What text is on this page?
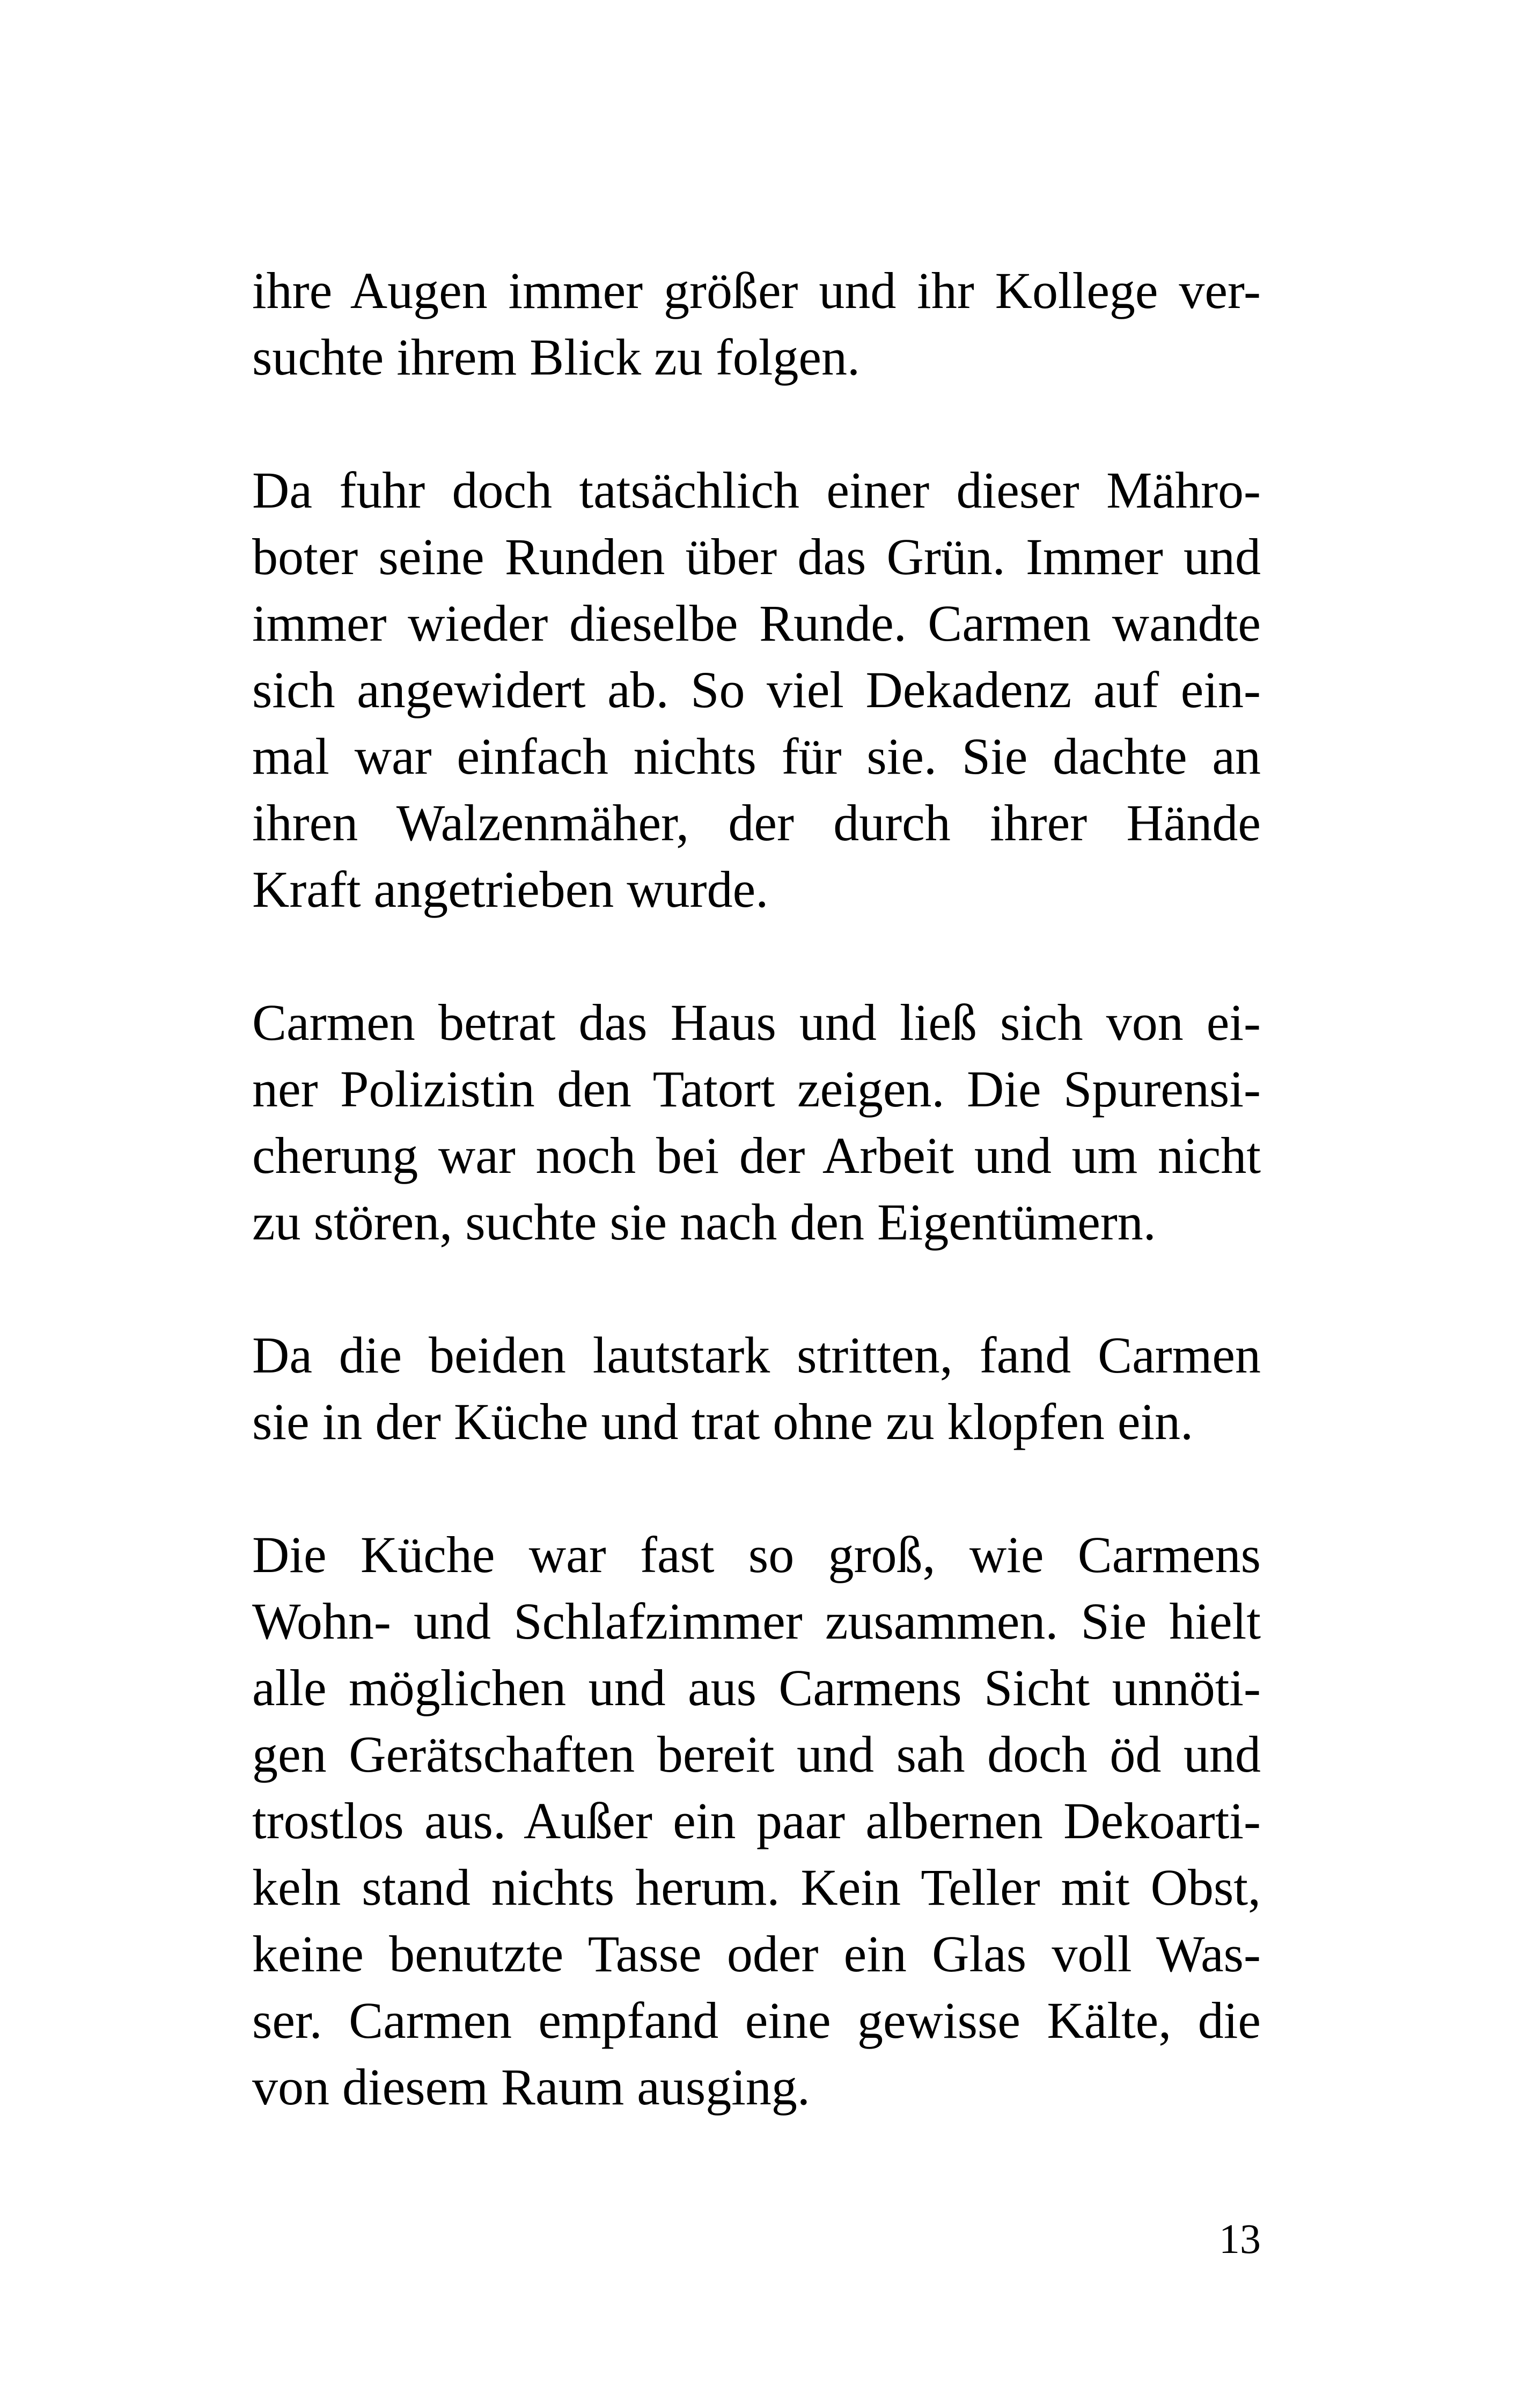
ihre Augen immer größer und ihr Kollege ver-
suchte ihrem Blick zu folgen.

Da fuhr doch tatsächlich einer dieser Mähro-
boter seine Runden über das Grün. Immer und
immer wieder dieselbe Runde. Carmen wandte
sich angewidert ab. So viel Dekadenz auf ein-
mal war einfach nichts für sie. Sie dachte an
ihren Walzenmäher, der durch ihrer Hände
Kraft angetrieben wurde.

Carmen betrat das Haus und ließ sich von ei-
ner Polizistin den Tatort zeigen. Die Spurensi-
cherung war noch bei der Arbeit und um nicht
zu stören, suchte sie nach den Eigentümern.

Da die beiden lautstark stritten, fand Carmen
sie in der Küche und trat ohne zu klopfen ein.

Die Küche war fast so groß, wie Carmens
Wohn- und Schlafzimmer zusammen. Sie hielt
alle möglichen und aus Carmens Sicht unnöti-
gen Gerätschaften bereit und sah doch öd und
trostlos aus. Außer ein paar albernen Dekoarti-
keln stand nichts herum. Kein Teller mit Obst,
keine benutzte Tasse oder ein Glas voll Was-
ser. Carmen empfand eine gewisse Kälte, die
von diesem Raum ausging.

13
